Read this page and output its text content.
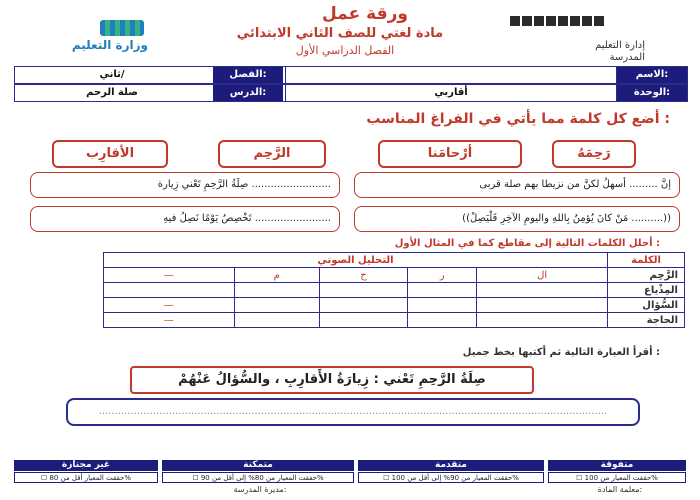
ورقة عمل
مادة لغتي للصف الثاني الابتدائي
الفصل الدراسي الأول	إدارة التعليم
المدرسة
وزارة التعليم
الاسم:
الفصل:
ثاني/
الوحدة:
أقاربي
الدرس:
صلة الرحم
أضع كل كلمة مما يأتي في الفراغ المناسب :
رَحِمَهُ
أرْحامَنا
الرَّحِم
الأقارِب
إنَّ ......... أسهلُ لكنَّ من نزيطا بهم صلة قربى
صِلَةُ الرَّحِمِ تَعْني زِيارة .........................
((مَنْ كانَ يُؤمِنُ بِاللهِ واليومِ الآخِرِ فَلْيَصِلْ ..........))
تَخْصِصُ يَوْمًا نَصِلُ فيهِ ........................
أحلل الكلمات التالية إلى مقاطع كما في المثال الأول :
الكلمة	التحليل الصوتي				
الرَّحِم	ال	ر	ح	م	—
المِذْياع					
السُّؤال					—
الحاجة					—
أقرأ العبارة التالية ثم أكتبها بخط جميل :
صِلَةُ الرَّحِمِ تَعْني : زِيارَةُ الأَقارِبِ ، والسُّؤالُ عَنْهُمْ
................................................................................................................................................................
متفوقة
متقدمة
متمكنة
غير مجتازة
☐ حققت المعيار من 100%
☐ حققت المعيار من 90% إلى أقل من 100%
☐ حققت المعيار من 80% إلى أقل من 90%
☐ حققت المعيار أقل من 80%
معلمة المادة:
مديرة المدرسة:
